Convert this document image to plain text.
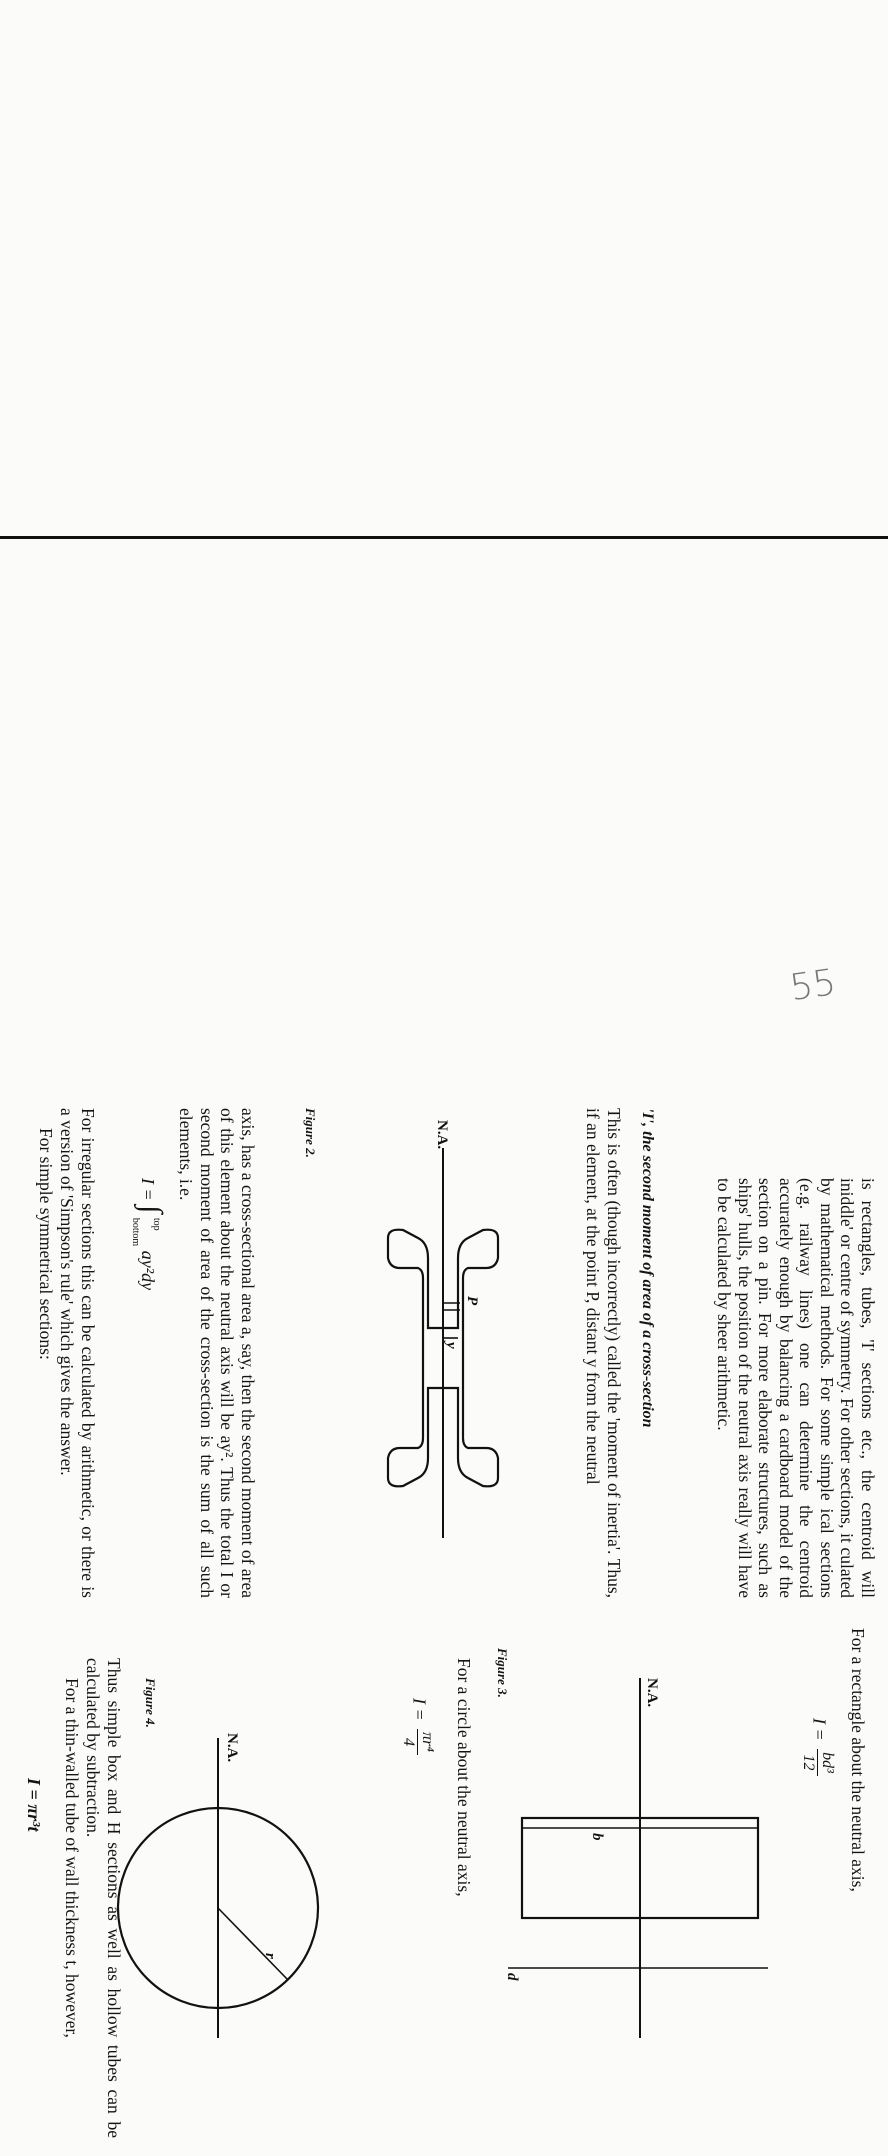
is rectangles, tubes, 'I' sections etc., the centroid will iniddle' or centre of symmetry. For other sections, it culated by mathematical methods. For some simple ical sections (e.g. railway lines) one can determine the centroid accurately enough by balancing a cardboard model of the section on a pin. For more elaborate structures, such as ships' hulls, the position of the neutral axis really will have to be calculated by sheer arithmetic.
'I', the second moment of area of a cross-section
This is often (though incorrectly) called the 'moment of inertia'. Thus, if an element, at the point P, distant y from the neutral
Figure 2.
P
y
N.A.
axis, has a cross-sectional area a, say, then the second moment of area of this element about the neutral axis will be ay². Thus the total I or second moment of area of the cross-section is the sum of all such elements, i.e.
I = ∫
top
bottom
ay²dy
For irregular sections this can be calculated by arithmetic, or there is a version of 'Simpson's rule' which gives the answer.
For simple symmetrical sections:
For a rectangle about the neutral axis,
I =
bd³
12
N.A.
b
d
Figure 3.
For a circle about the neutral axis,
I =
πr⁴
4
N.A.
r
Figure 4.
Thus simple box and H sections as well as hollow tubes can be calculated by subtraction.
For a thin-walled tube of wall thickness t, however,
I = πr³t
55
